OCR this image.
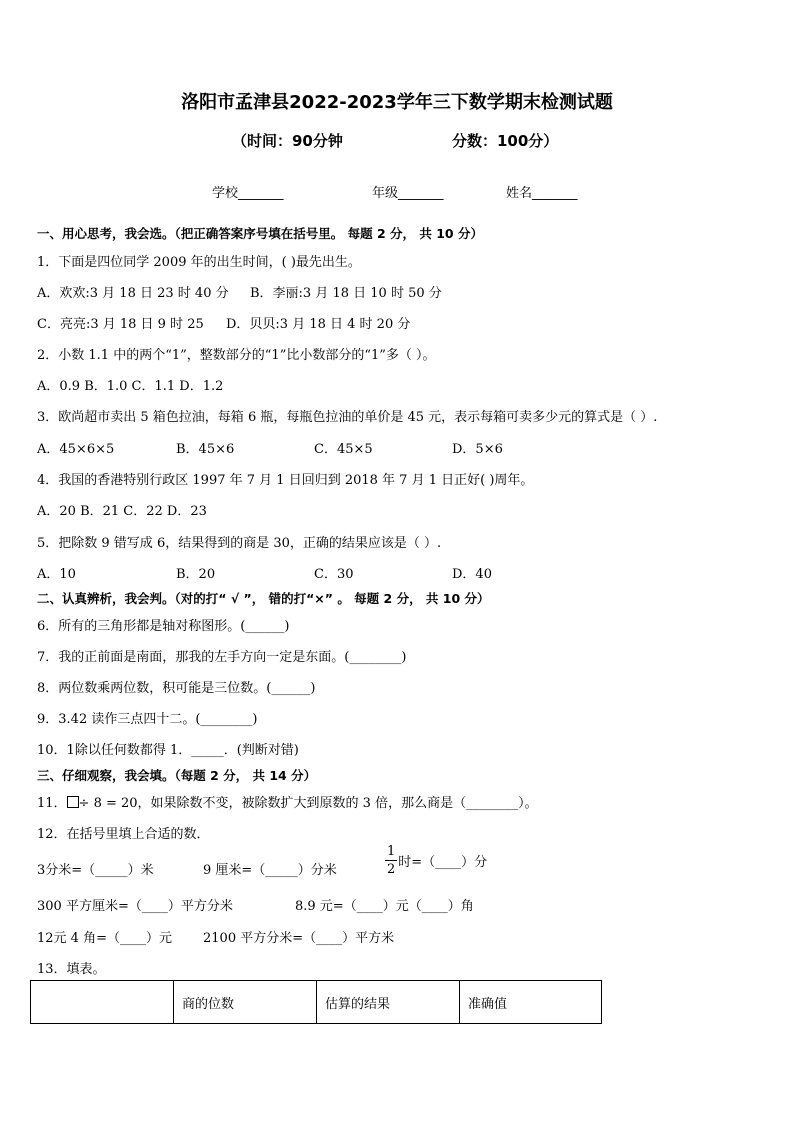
洛阳市孟津县2022-2023学年三下数学期末检测试题
（时间：90分钟	分数：100分）
学校_______	年级_______	姓名_______
一、用心思考，我会选。（把正确答案序号填在括号里。 每题 2 分， 共 10 分）
1．下面是四位同学 2009 年的出生时间，( )最先出生。
A．欢欢:3 月 18 日 23 时 40 分 B．李丽:3 月 18 日 10 时 50 分
C．亮亮:3 月 18 日 9 时 25 D．贝贝:3 月 18 日 4 时 20 分
2．小数 1.1 中的两个“1”，整数部分的“1”比小数部分的“1”多（ ）。
A．0.9 B．1.0 C．1.1 D．1.2
3．欧尚超市卖出 5 箱色拉油，每箱 6 瓶，每瓶色拉油的单价是 45 元，表示每箱可卖多少元的算式是（ ）.
A．45×6×5	B．45×6	C．45×5	D．5×6
4．我国的香港特别行政区 1997 年 7 月 1 日回归到 2018 年 7 月 1 日正好( )周年。
A．20 B．21 C．22 D．23
5．把除数 9 错写成 6，结果得到的商是 30，正确的结果应该是（ ）.
A．10	B．20	C．30	D．40
二、认真辨析，我会判。（对的打“ √ ”， 错的打“×” 。 每题 2 分， 共 10 分）
6．所有的三角形都是轴对称图形。(______)
7．我的正前面是南面，那我的左手方向一定是东面。(________)
8．两位数乘两位数，积可能是三位数。(______)
9．3.42 读作三点四十二。(________)
10．1除以任何数都得 1．_____．(判断对错)
三、仔细观察，我会填。（每题 2 分， 共 14 分）
11． ÷ 8 = 20，如果除数不变，被除数扩大到原数的 3 倍，那么商是（________）。
12．在括号里填上合适的数．
3分米=（_____）米	9 厘米=（_____）分米	$\frac{1}{2}$ 时=（____）分
300 平方厘米=（____）平方分米	8.9 元=（____）元（____）角
12元 4 角=（____）元 2100 平方分米=（____）平方米
13．填表。
	商的位数	估算的结果	准确值
